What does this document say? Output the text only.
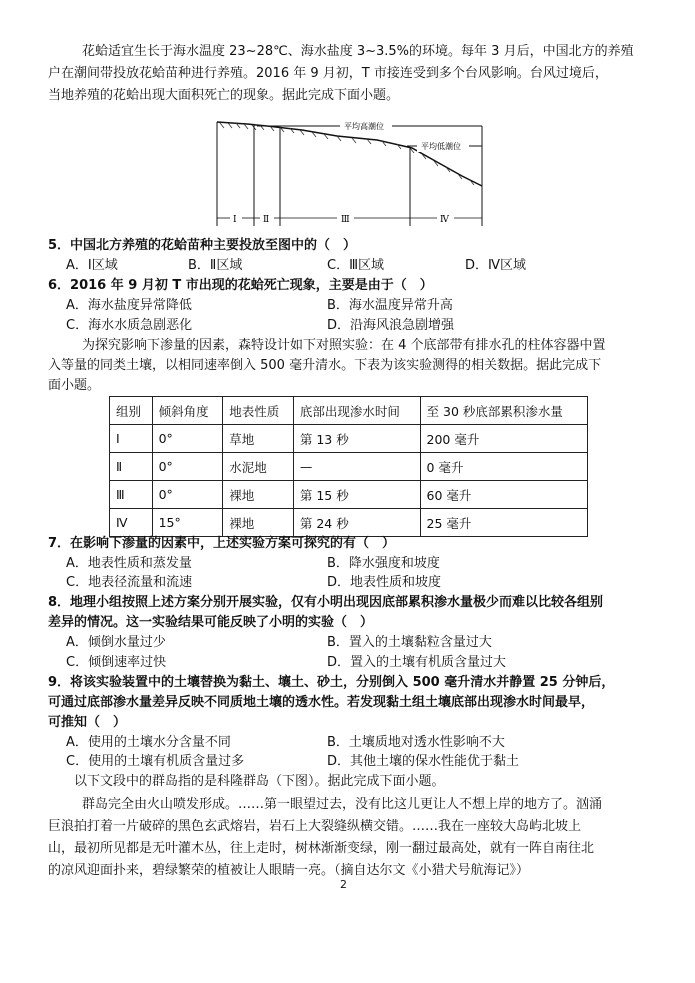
花蛤适宜生长于海水温度 23~28℃、海水盐度 3~3.5%的环境。每年 3 月后，中国北方的养殖
户在潮间带投放花蛤苗种进行养殖。2016 年 9 月初，T 市接连受到多个台风影响。台风过境后，
当地养殖的花蛤出现大面积死亡的现象。据此完成下面小题。
平均高潮位
平均低潮位
Ⅰ	Ⅱ	Ⅲ	Ⅳ
5．中国北方养殖的花蛤苗种主要投放至图中的（　）
A．Ⅰ区域	B．Ⅱ区域	C．Ⅲ区域	D．Ⅳ区域
6．2016 年 9 月初 T 市出现的花蛤死亡现象，主要是由于（　）
A．海水盐度异常降低	B．海水温度异常升高
C．海水水质急剧恶化	D．沿海风浪急剧增强
为探究影响下渗量的因素，森特设计如下对照实验：在 4 个底部带有排水孔的柱体容器中置
入等量的同类土壤，以相同速率倒入 500 毫升清水。下表为该实验测得的相关数据。据此完成下
面小题。
组别	倾斜角度	地表性质	底部出现渗水时间	至 30 秒底部累积渗水量
Ⅰ	0°	草地	第 13 秒	200 毫升
Ⅱ	0°	水泥地	—	0 毫升
Ⅲ	0°	裸地	第 15 秒	60 毫升
Ⅳ	15°	裸地	第 24 秒	25 毫升
7．在影响下渗量的因素中，上述实验方案可探究的有（　）
A．地表性质和蒸发量	B．降水强度和坡度
C．地表径流量和流速	D．地表性质和坡度
8．地理小组按照上述方案分别开展实验，仅有小明出现因底部累积渗水量极少而难以比较各组别
差异的情况。这一实验结果可能反映了小明的实验（　）
A．倾倒水量过少	B．置入的土壤黏粒含量过大
C．倾倒速率过快	D．置入的土壤有机质含量过大
9．将该实验装置中的土壤替换为黏土、壤土、砂土，分别倒入 500 毫升清水并静置 25 分钟后，
可通过底部渗水量差异反映不同质地土壤的透水性。若发现黏土组土壤底部出现渗水时间最早，
可推知（　）
A．使用的土壤水分含量不同	B．土壤质地对透水性影响不大
C．使用的土壤有机质含量过多	D．其他土壤的保水性能优于黏土
以下文段中的群岛指的是科隆群岛（下图）。据此完成下面小题。
群岛完全由火山喷发形成。……第一眼望过去，没有比这儿更让人不想上岸的地方了。汹涌
巨浪拍打着一片破碎的黑色玄武熔岩，岩石上大裂缝纵横交错。……我在一座较大岛屿北坡上
山，最初所见都是无叶灌木丛，往上走时，树林渐渐变绿，刚一翻过最高处，就有一阵自南往北
的凉风迎面扑来，碧绿繁荣的植被让人眼睛一亮。（摘自达尔文《小猎犬号航海记》）
2
